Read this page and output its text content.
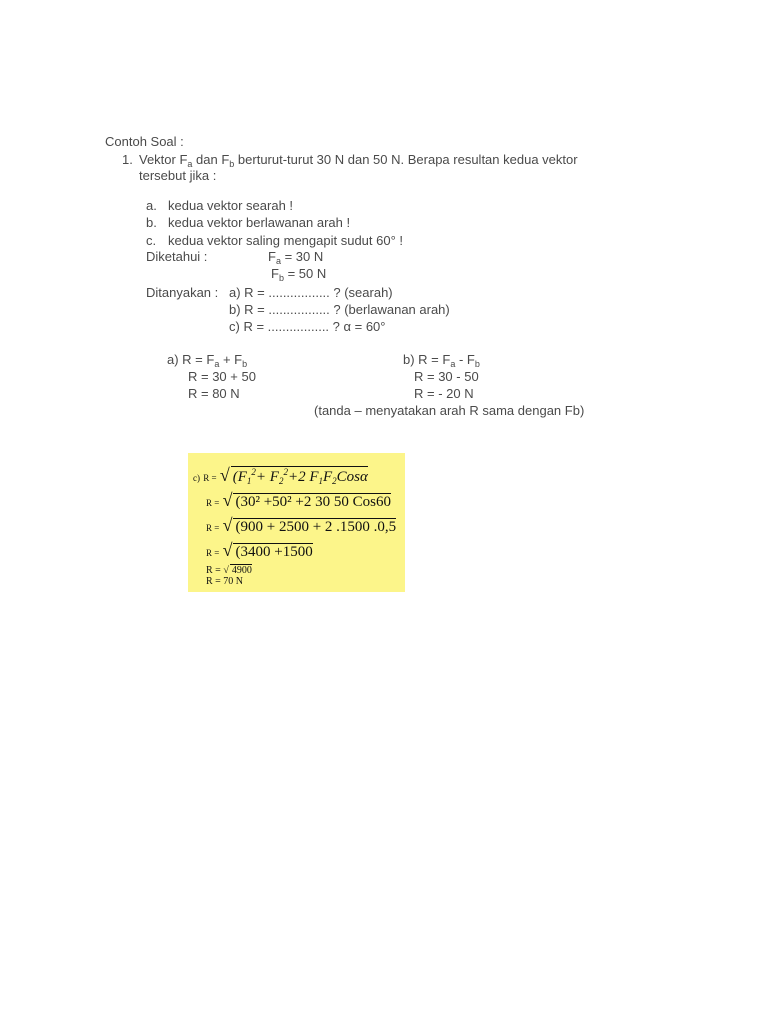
Contoh Soal :
1. Vektor $F_a$ dan $F_b$ berturut-turut 30 N dan 50 N. Berapa resultan kedua vektor
tersebut jika :
a. kedua vektor searah !
b. kedua vektor berlawanan arah !
c. kedua vektor saling mengapit sudut 60° !
Diketahui :	$F_a = 30$ N
$F_b = 50$ N
Ditanyakan : a) R = ................. ? (searah)
b) R = ................. ? (berlawanan arah)
c) R = ................. ? α = 60°
a) $R = F_a + F_b$
R = 30 + 50
R = 80 N
b) $R = F_a - F_b$
R = 30 - 50
R = - 20 N
(tanda – menyatakan arah R sama dengan Fb)
c) R = √ ($F_1^2+ F_2^2+2$ $F_1F_2Cos\alpha$
R = √ (30² +50² +2 30 50 Cos60
R = √ (900 + 2500 + 2 .1500 .0,5
R = √ (3400 +1500
R = √ 4900
R = 70 N
